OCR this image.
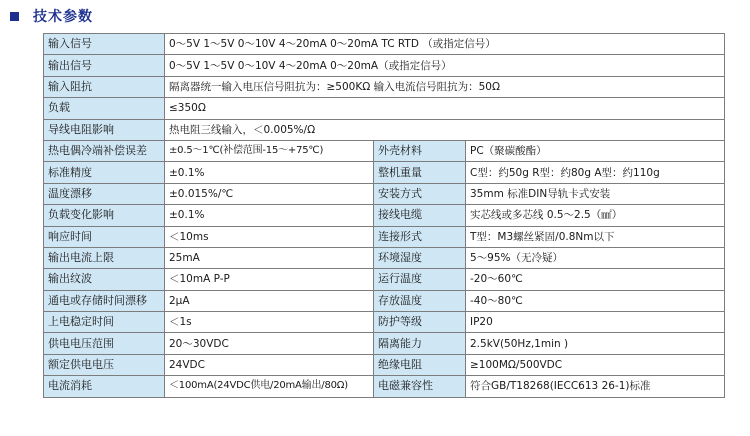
技术参数
输入信号	0～5V 1～5V 0～10V 4～20mA 0～20mA TC RTD （或指定信号）		
输出信号	0～5V 1～5V 0～10V 4～20mA 0～20mA（或指定信号）		
输入阻抗	隔离器统一输入电压信号阻抗为：≥500KΩ 输入电流信号阻抗为：50Ω		
负载	≤350Ω		
导线电阻影响	热电阻三线输入，＜0.005%/Ω		
热电偶冷端补偿误差	±0.5～1℃(补偿范围-15～+75℃)	外壳材料	PC（聚碳酸酯）
标准精度	±0.1%	整机重量	C型：约50g R型：约80g A型：约110g
温度漂移	±0.015%/℃	安装方式	35mm 标准DIN导轨卡式安装
负载变化影响	±0.1%	接线电缆	实芯线或多芯线 0.5～2.5（㎟）
响应时间	＜10ms	连接形式	T型：M3螺丝紧固/0.8Nm以下
输出电流上限	25mA	环境湿度	5～95%（无冷疑）
输出纹波	＜10mA P-P	运行温度	-20～60℃
通电或存储时间漂移	2μA	存放温度	-40～80℃
上电稳定时间	＜1s	防护等级	IP20
供电电压范围	20～30VDC	隔离能力	2.5kV(50Hz,1min )
额定供电电压	24VDC	绝缘电阻	≥100MΩ/500VDC
电流消耗	＜100mA(24VDC供电/20mA输出/80Ω)	电磁兼容性	符合GB/T18268(IECC613 26-1)标准
